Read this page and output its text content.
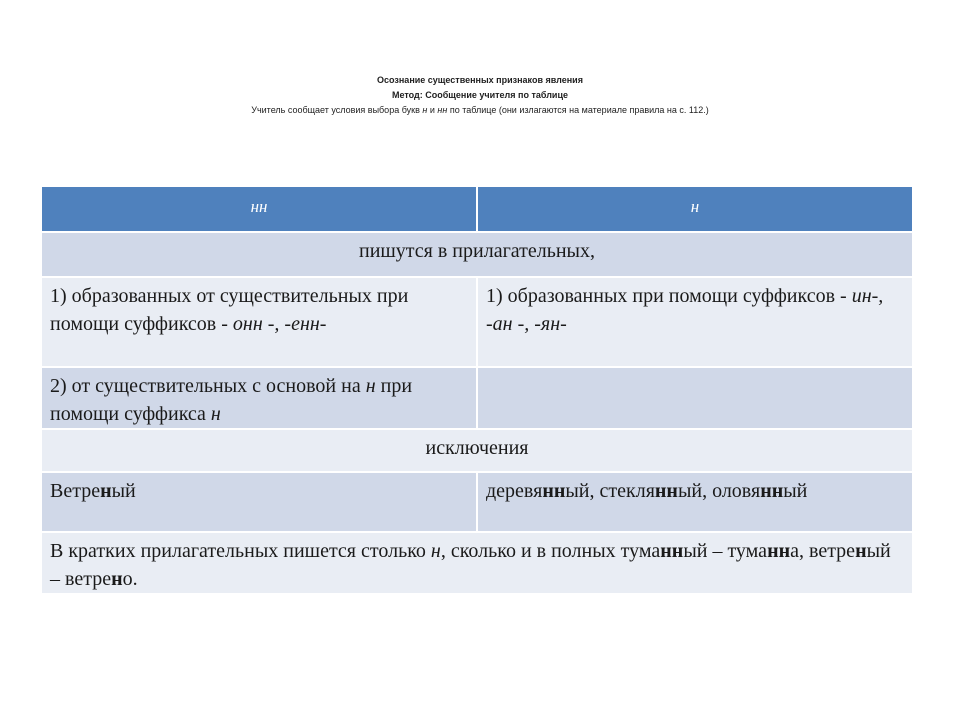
Осознание существенных признаков явления
Метод: Сообщение учителя по таблице
Учитель сообщает условия выбора букв н и нн по таблице (они излагаются на материале правила на с. 112.)
нн	н
пишутся в прилагательных,	
1) образованных от существительных при помощи суффиксов - онн -, -енн-	1) образованных при помощи суффиксов - ин-, -ан -, -ян-
2) от существительных с основой на н при помощи суффикса н	
исключения	
Ветреный	деревянный, стеклянный, оловянный
В кратких прилагательных пишется столько н, сколько и в полных туманный – туманна, ветреный – ветрено.	
